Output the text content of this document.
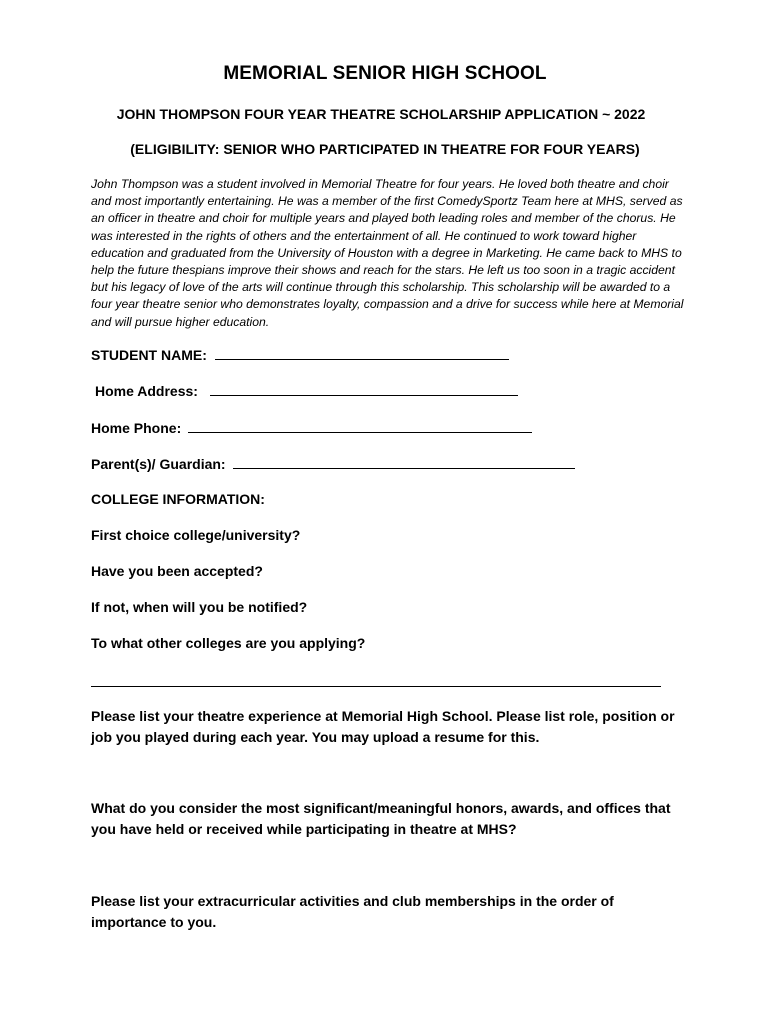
MEMORIAL SENIOR HIGH SCHOOL
JOHN THOMPSON FOUR YEAR THEATRE SCHOLARSHIP APPLICATION ~ 2022
(ELIGIBILITY: SENIOR WHO PARTICIPATED IN THEATRE FOR FOUR YEARS)

John Thompson was a student involved in Memorial Theatre for four years. He loved both theatre and choir and most importantly entertaining. He was a member of the first ComedySportz Team here at MHS, served as an officer in theatre and choir for multiple years and played both leading roles and member of the chorus. He was interested in the rights of others and the entertainment of all. He continued to work toward higher education and graduated from the University of Houston with a degree in Marketing. He came back to MHS to help the future thespians improve their shows and reach for the stars. He left us too soon in a tragic accident but his legacy of love of the arts will continue through this scholarship. This scholarship will be awarded to a four year theatre senior who demonstrates loyalty, compassion and a drive for success while here at Memorial and will pursue higher education.

STUDENT NAME:
Home Address:
Home Phone:
Parent(s)/ Guardian:
COLLEGE INFORMATION:
First choice college/university?
Have you been accepted?
If not, when will you be notified?
To what other colleges are you applying?

Please list your theatre experience at Memorial High School. Please list role, position or job you played during each year. You may upload a resume for this.

What do you consider the most significant/meaningful honors, awards, and offices that you have held or received while participating in theatre at MHS?

Please list your extracurricular activities and club memberships in the order of importance to you.
